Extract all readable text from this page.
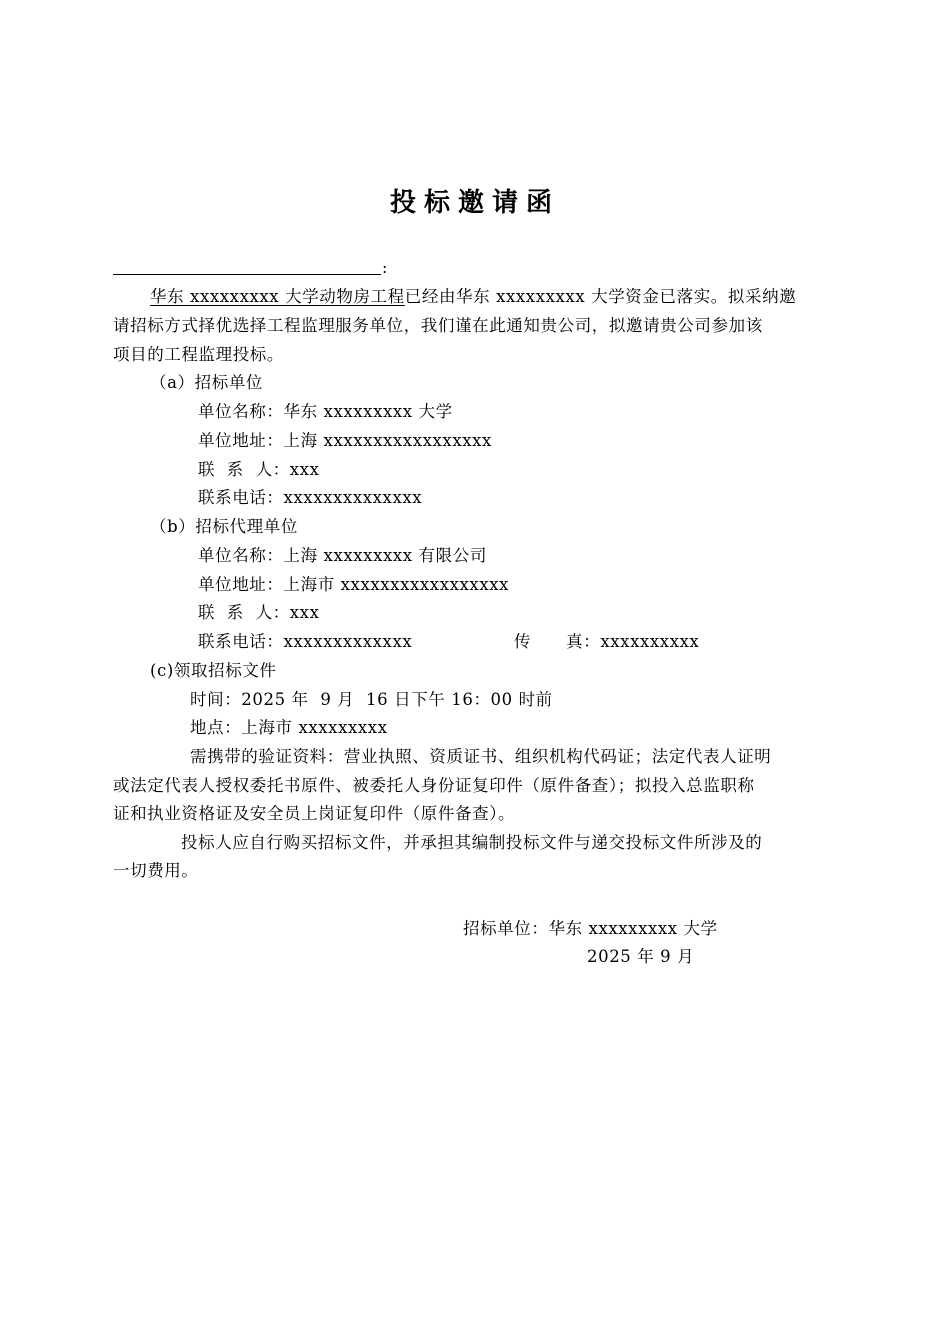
投标邀请函
:
华东 xxxxxxxxx 大学动物房工程已经由华东 xxxxxxxxx 大学资金已落实。拟采纳邀
请招标方式择优选择工程监理服务单位，我们谨在此通知贵公司，拟邀请贵公司参加该
项目的工程监理投标。
（a）招标单位
单位名称：华东 xxxxxxxxx 大学
单位地址：上海 xxxxxxxxxxxxxxxxx
联  系  人：xxx
联系电话：xxxxxxxxxxxxxx
（b）招标代理单位
单位名称：上海 xxxxxxxxx 有限公司
单位地址：上海市 xxxxxxxxxxxxxxxxx
联  系  人：xxx
联系电话：xxxxxxxxxxxxx	传      真：xxxxxxxxxx
(c)领取招标文件
时间：2025 年  9 月  16 日下午 16：00 时前
地点：上海市 xxxxxxxxx
需携带的验证资料：营业执照、资质证书、组织机构代码证；法定代表人证明
或法定代表人授权委托书原件、被委托人身份证复印件（原件备查）；拟投入总监职称
证和执业资格证及安全员上岗证复印件（原件备查）。
投标人应自行购买招标文件，并承担其编制投标文件与递交投标文件所涉及的
一切费用。
招标单位：华东 xxxxxxxxx 大学
2025 年 9 月
